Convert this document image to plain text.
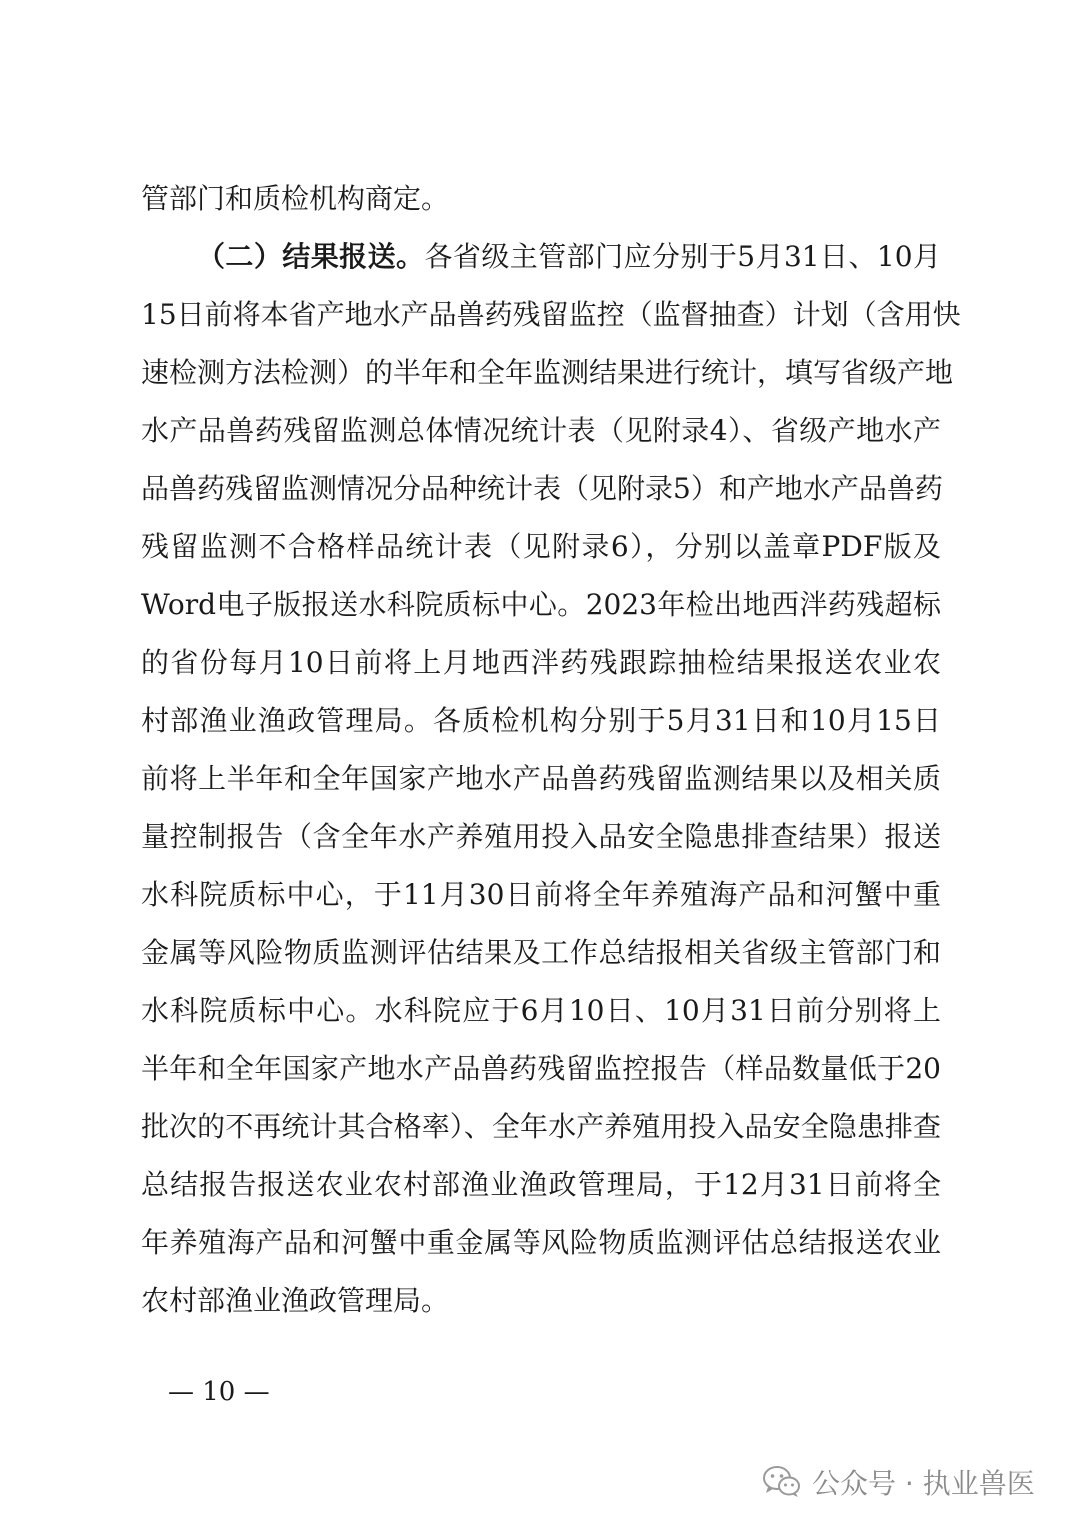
管部门和质检机构商定。
（二）结果报送。各省级主管部门应分别于5月31日、10月
15日前将本省产地水产品兽药残留监控（监督抽查）计划（含用快
速检测方法检测）的半年和全年监测结果进行统计，填写省级产地
水产品兽药残留监测总体情况统计表（见附录4）、省级产地水产
品兽药残留监测情况分品种统计表（见附录5）和产地水产品兽药
残留监测不合格样品统计表（见附录6），分别以盖章PDF版及
Word电子版报送水科院质标中心。2023年检出地西泮药残超标
的省份每月10日前将上月地西泮药残跟踪抽检结果报送农业农
村部渔业渔政管理局。各质检机构分别于5月31日和10月15日
前将上半年和全年国家产地水产品兽药残留监测结果以及相关质
量控制报告（含全年水产养殖用投入品安全隐患排查结果）报送
水科院质标中心，于11月30日前将全年养殖海产品和河蟹中重
金属等风险物质监测评估结果及工作总结报相关省级主管部门和
水科院质标中心。水科院应于6月10日、10月31日前分别将上
半年和全年国家产地水产品兽药残留监控报告（样品数量低于20
批次的不再统计其合格率）、全年水产养殖用投入品安全隐患排查
总结报告报送农业农村部渔业渔政管理局，于12月31日前将全
年养殖海产品和河蟹中重金属等风险物质监测评估总结报送农业
农村部渔业渔政管理局。
— 10 —
公众号 · 执业兽医
